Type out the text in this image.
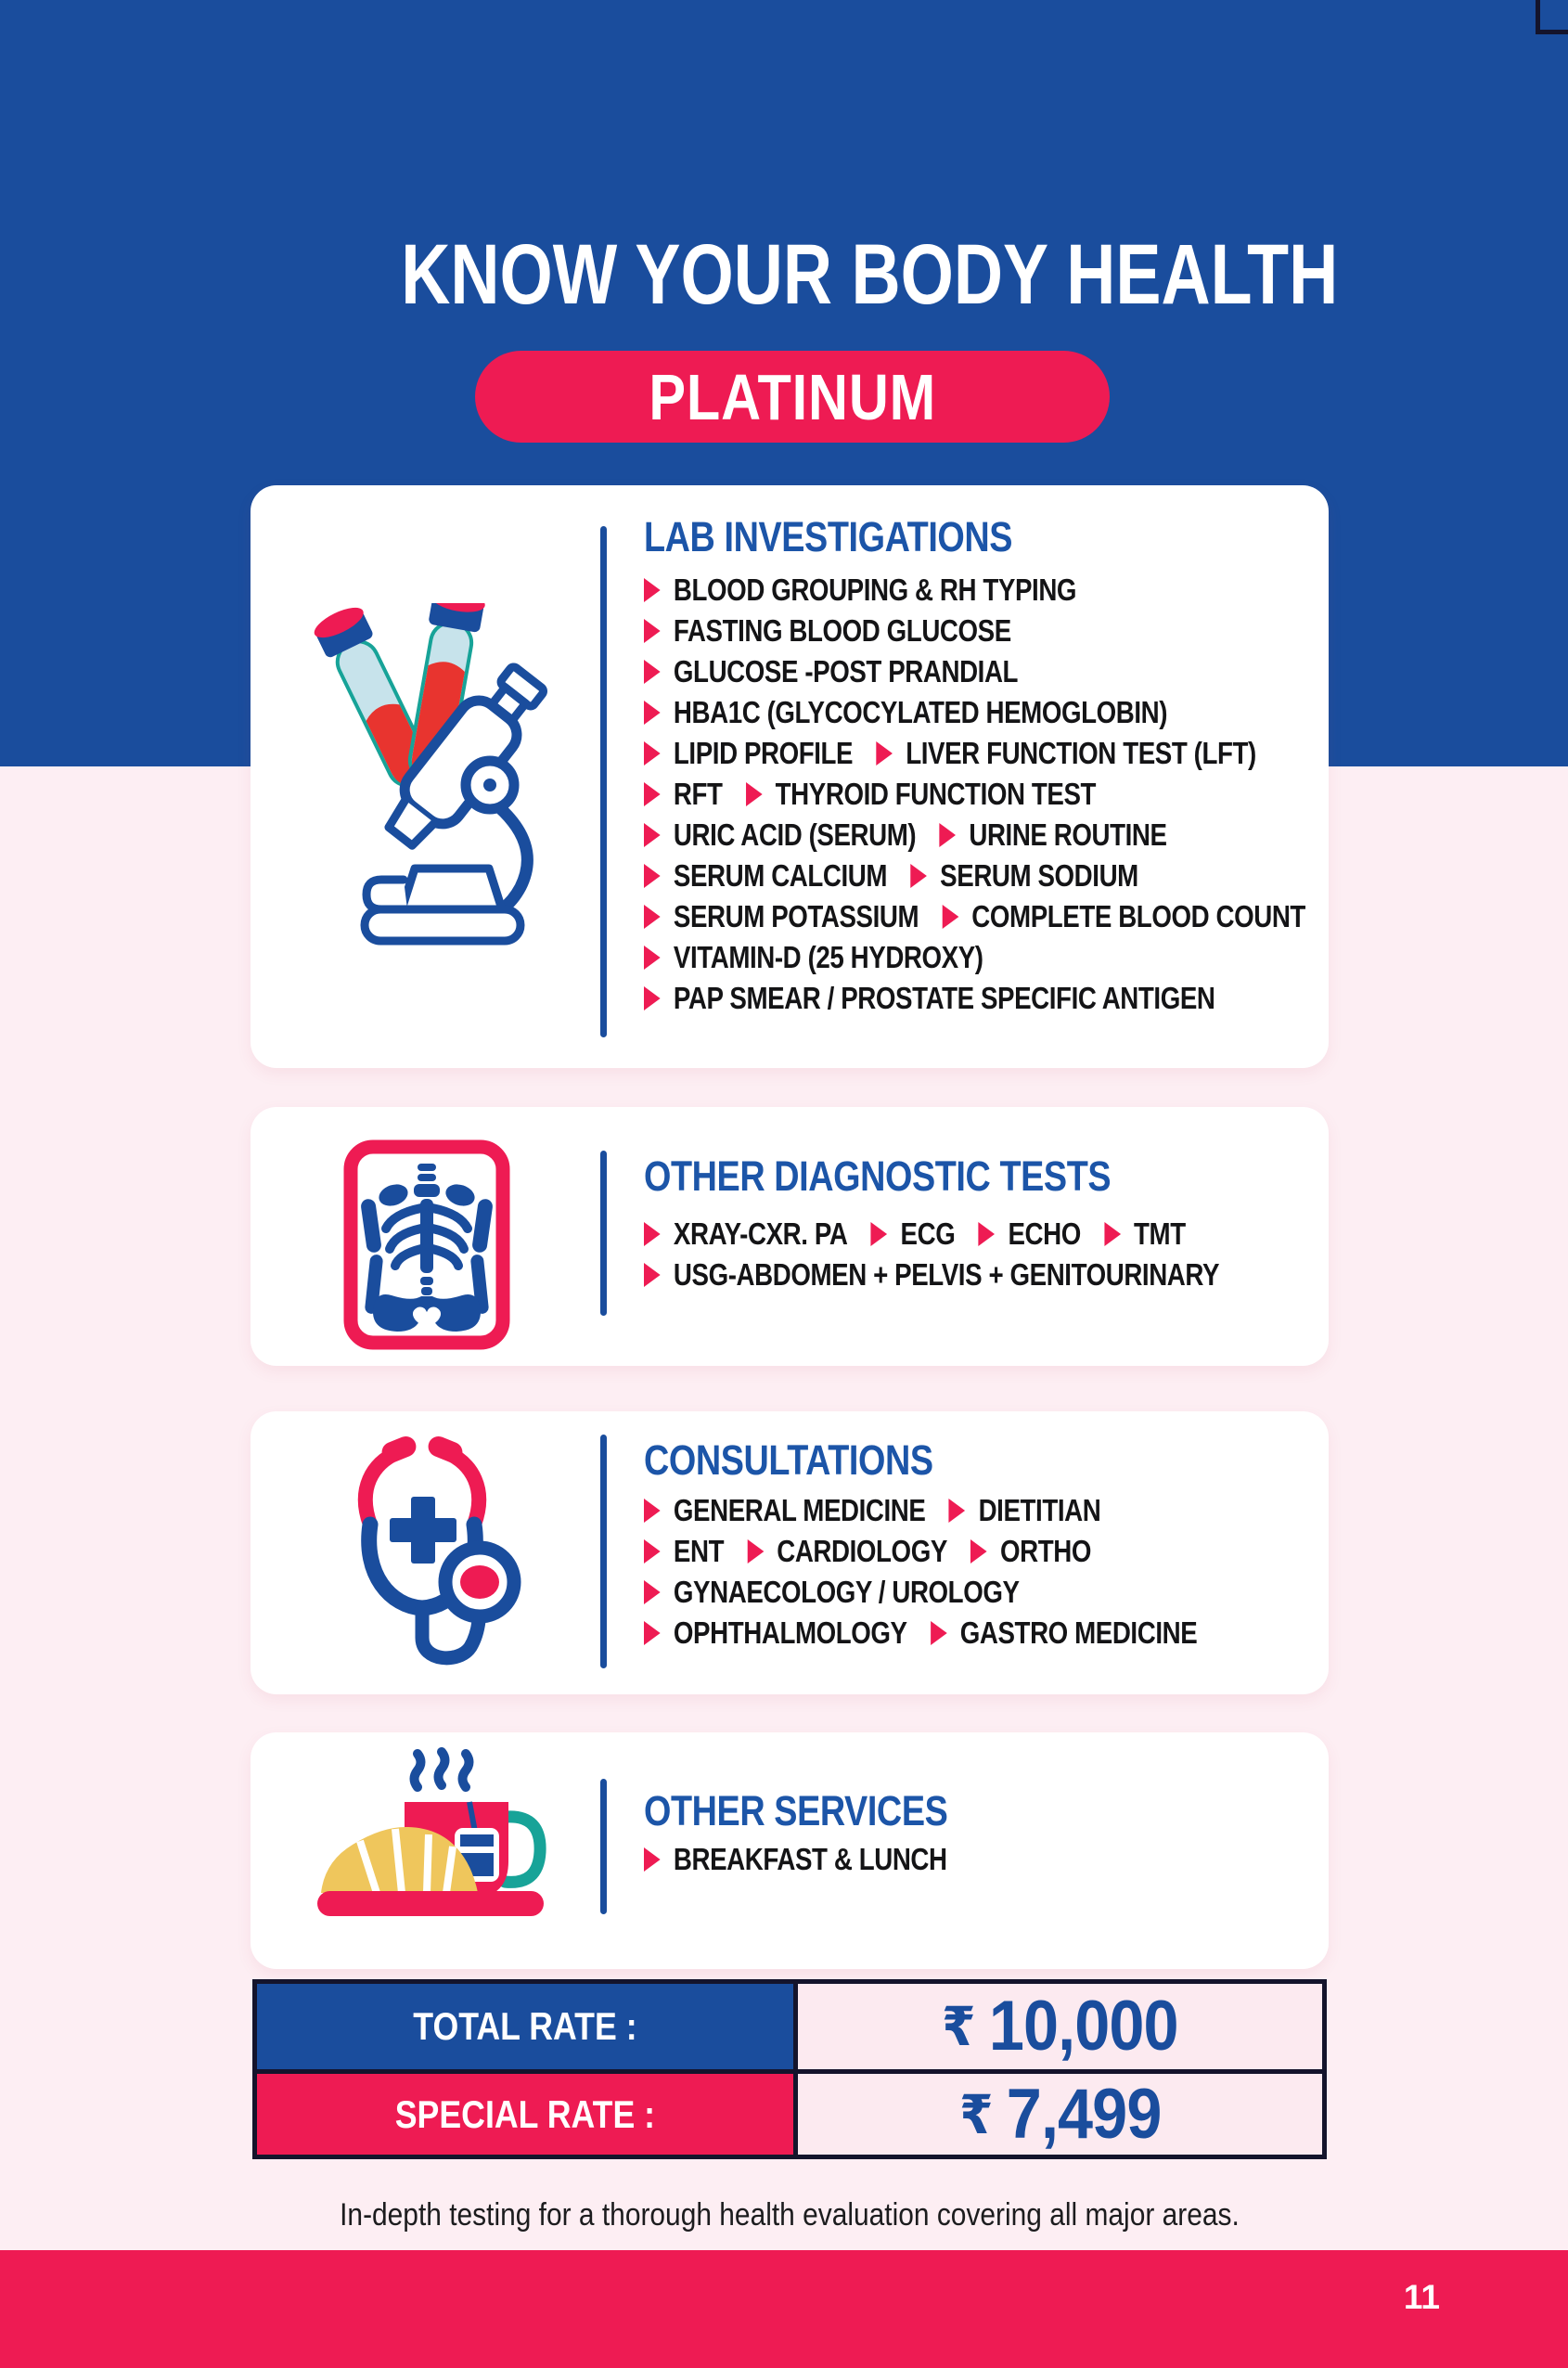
KNOW YOUR BODY HEALTH
PLATINUM
LAB INVESTIGATIONS
BLOOD GROUPING & RH TYPING
FASTING BLOOD GLUCOSE
GLUCOSE -POST PRANDIAL
HBA1C (GLYCOCYLATED HEMOGLOBIN)
LIPID PROFILE LIVER FUNCTION TEST (LFT)
RFT THYROID FUNCTION TEST
URIC ACID (SERUM) URINE ROUTINE
SERUM CALCIUM SERUM SODIUM
SERUM POTASSIUM COMPLETE BLOOD COUNT
VITAMIN-D (25 HYDROXY)
PAP SMEAR / PROSTATE SPECIFIC ANTIGEN
OTHER DIAGNOSTIC TESTS
XRAY-CXR. PA ECG ECHO TMT
USG-ABDOMEN + PELVIS + GENITOURINARY
CONSULTATIONS
GENERAL MEDICINE DIETITIAN
ENT CARDIOLOGY ORTHO
GYNAECOLOGY / UROLOGY
OPHTHALMOLOGY GASTRO MEDICINE
OTHER SERVICES
BREAKFAST & LUNCH
TOTAL RATE :	₹ 10,000
SPECIAL RATE :	₹ 7,499
In-depth testing for a thorough health evaluation covering all major areas.
11
